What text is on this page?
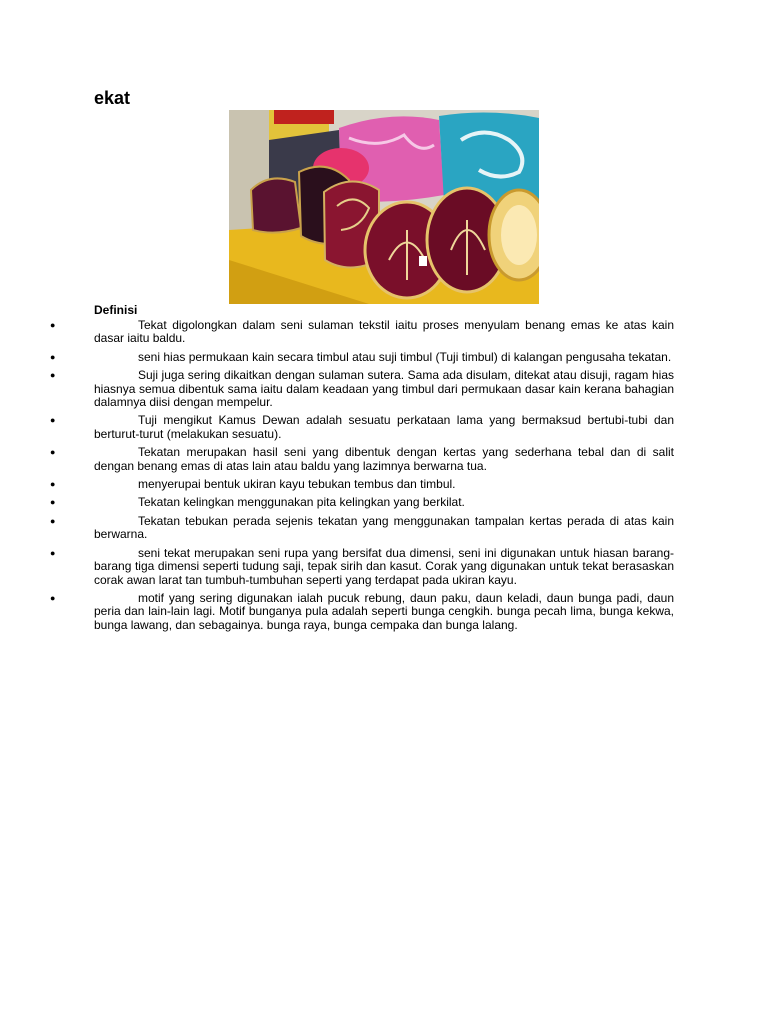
ekat
Definisi
●	Tekat digolongkan dalam seni sulaman tekstil iaitu proses menyulam benang emas ke atas kain dasar iaitu baldu.
●	seni hias permukaan kain secara timbul atau suji timbul (Tuji timbul) di kalangan pengusaha tekatan.
●	Suji juga sering dikaitkan dengan sulaman sutera. Sama ada disulam, ditekat atau disuji, ragam hias hiasnya semua dibentuk sama iaitu dalam keadaan yang timbul dari permukaan dasar kain kerana bahagian dalamnya diisi dengan mempelur.
●	Tuji mengikut Kamus Dewan adalah sesuatu perkataan lama yang bermaksud bertubi-tubi dan berturut-turut (melakukan sesuatu).
●	Tekatan merupakan hasil seni yang dibentuk dengan kertas yang sederhana tebal dan di salit dengan benang emas di atas lain atau baldu yang lazimnya berwarna tua.
●	menyerupai bentuk ukiran kayu tebukan tembus dan timbul.
●	Tekatan kelingkan menggunakan pita kelingkan yang berkilat.
●	Tekatan tebukan perada sejenis tekatan yang menggunakan tampalan kertas perada di atas kain berwarna.
●	seni tekat merupakan seni rupa yang bersifat dua dimensi, seni ini digunakan untuk hiasan barang-barang tiga dimensi seperti tudung saji, tepak sirih dan kasut. Corak yang digunakan untuk tekat berasaskan corak awan larat tan tumbuh-tumbuhan seperti yang terdapat pada ukiran kayu.
●	motif yang sering digunakan ialah pucuk rebung, daun paku, daun keladi, daun bunga padi, daun peria dan lain-lain lagi. Motif bunganya pula adalah seperti bunga cengkih. bunga pecah lima, bunga kekwa, bunga lawang, dan sebagainya. bunga raya, bunga cempaka dan bunga lalang.
